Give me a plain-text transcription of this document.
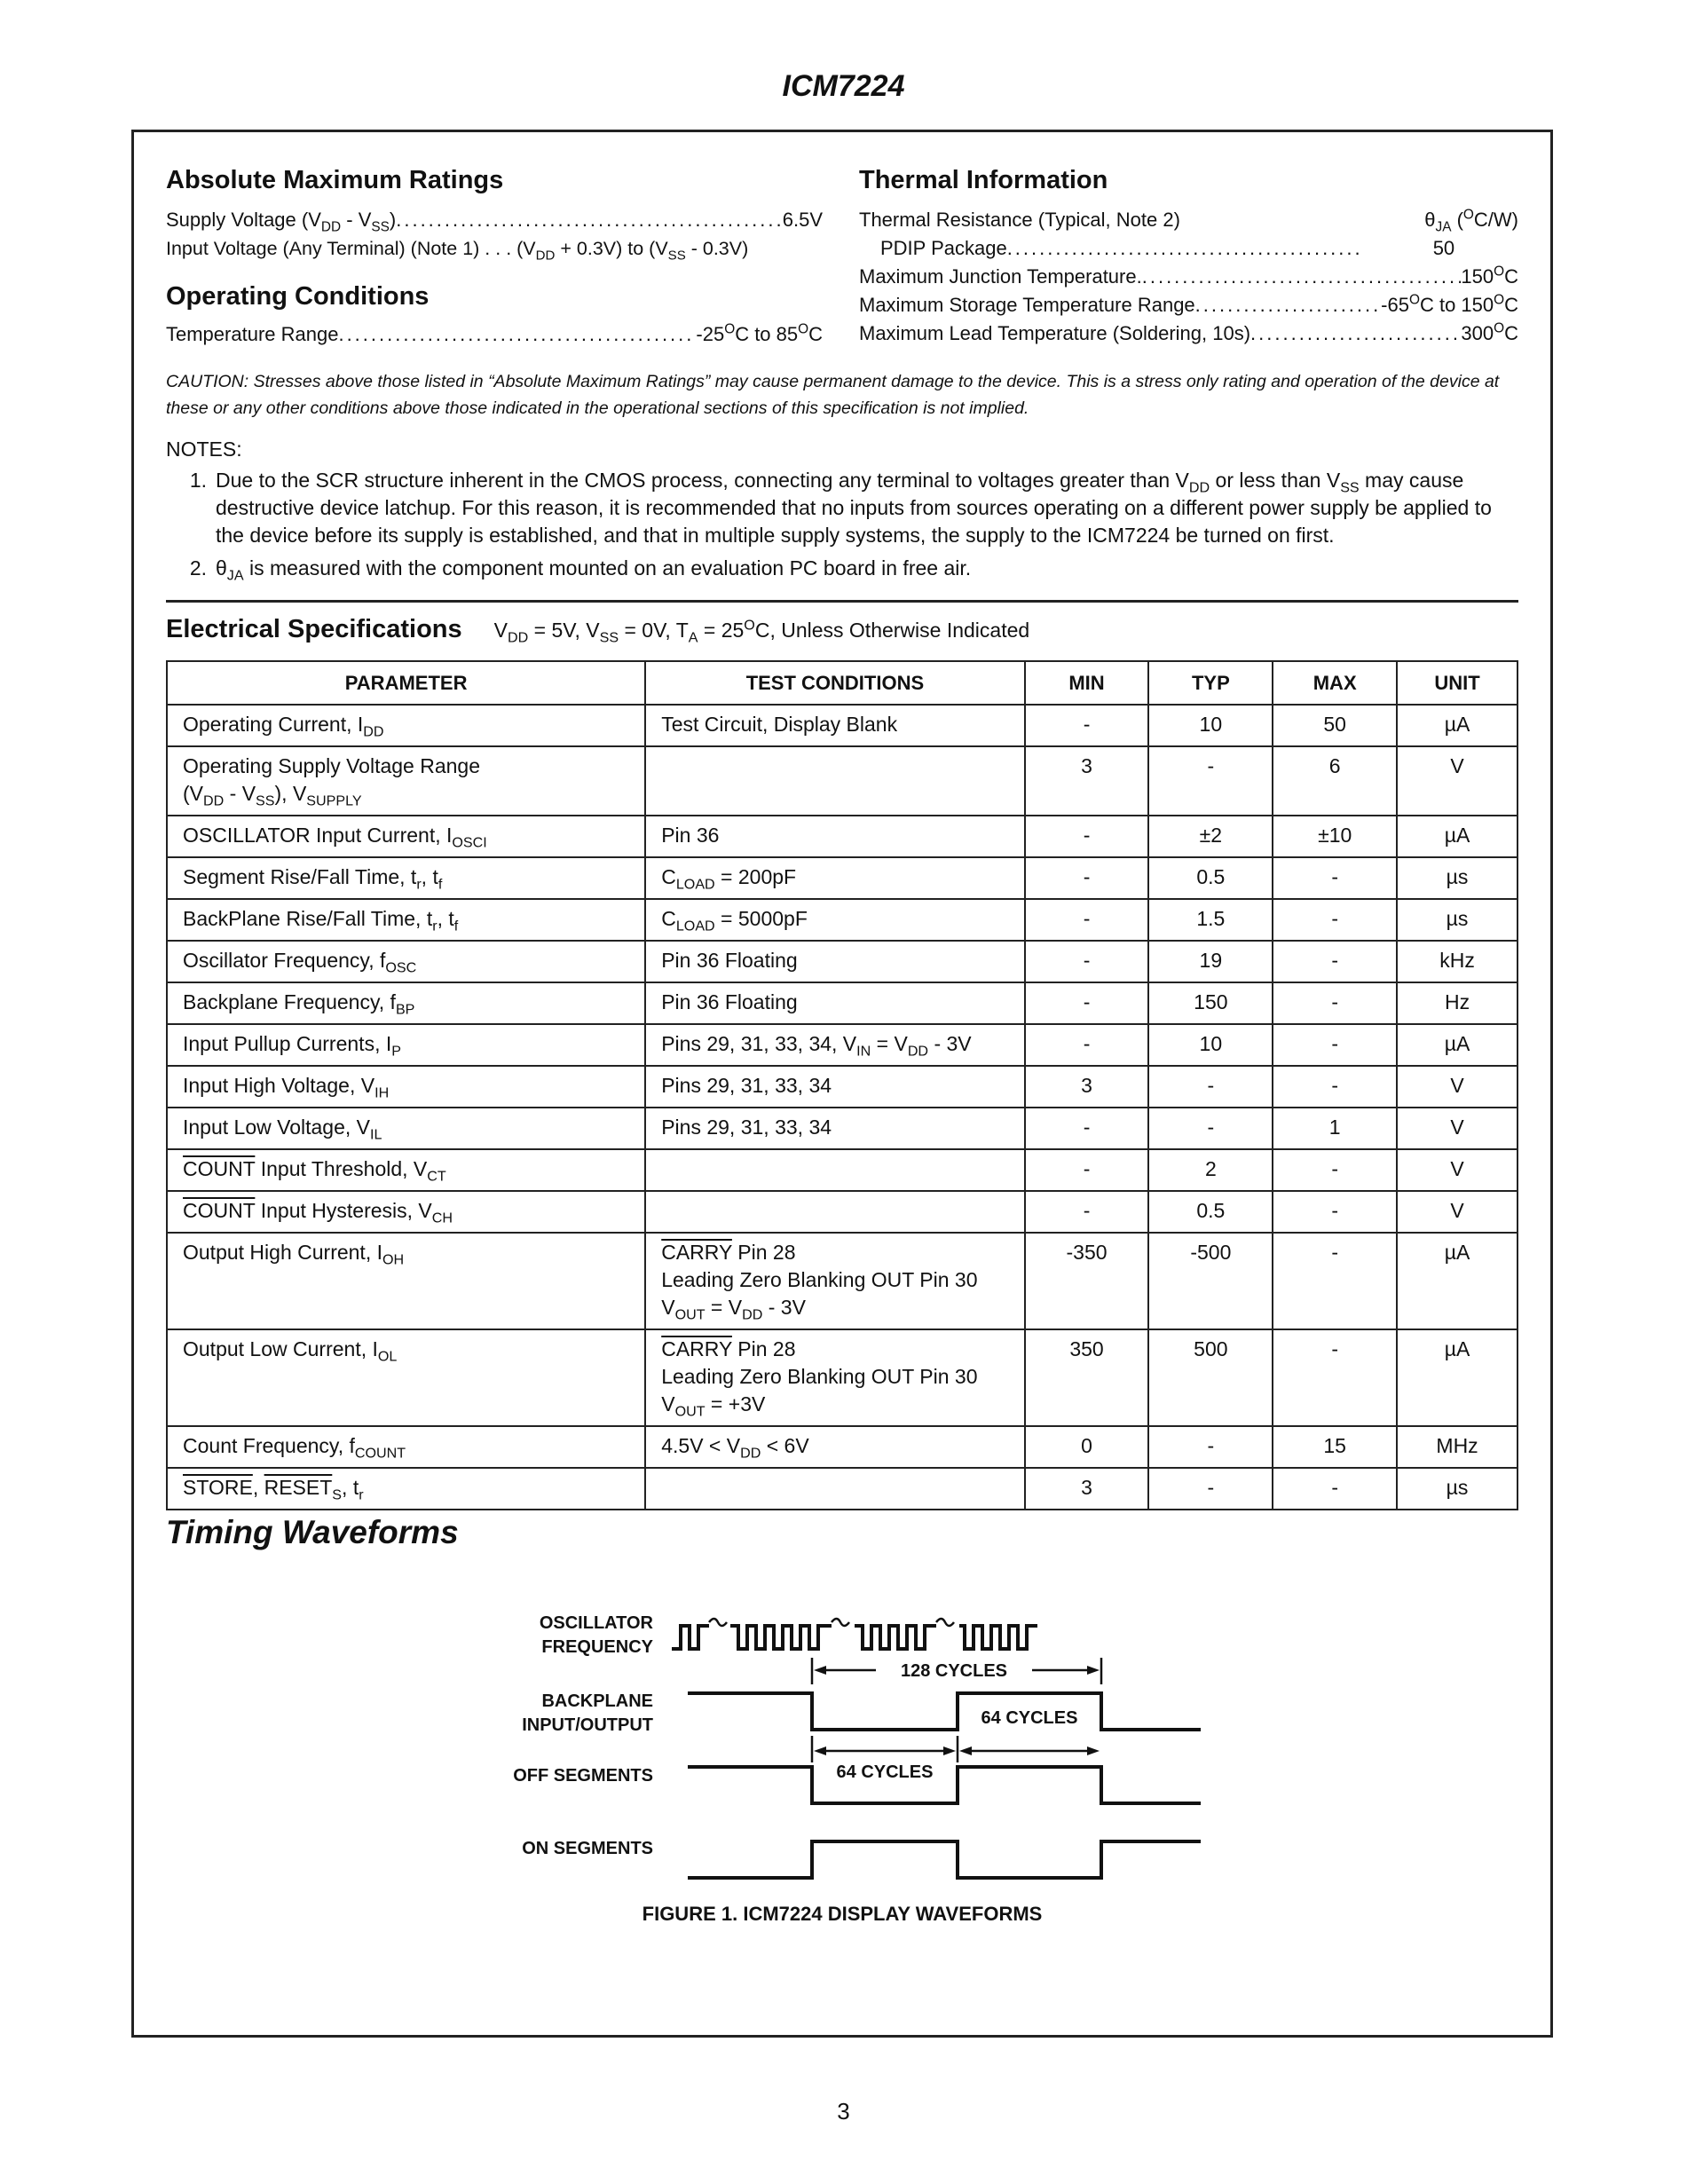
ICM7224
Absolute Maximum Ratings
Supply Voltage $(V_{DD} - V_{SS})$ .....	6.5V
Input Voltage (Any Terminal) (Note 1) . . . $(V_{DD} + 0.3V)$ to $(V_{SS} - 0.3V)$
Operating Conditions
Temperature Range .....	$-25^OC$ to $85^OC$
Thermal Information
Thermal Resistance (Typical, Note 2)	$\theta_{JA}$ ($^O$C/W)
PDIP Package .....	50
Maximum Junction Temperature. .....	$150^OC$
Maximum Storage Temperature Range .....	$-65^OC$ to $150^OC$
Maximum Lead Temperature (Soldering, 10s) .....	$300^OC$
CAUTION: Stresses above those listed in “Absolute Maximum Ratings” may cause permanent damage to the device. This is a stress only rating and operation of the device at these or any other conditions above those indicated in the operational sections of this specification is not implied.
NOTES:
1. Due to the SCR structure inherent in the CMOS process, connecting any terminal to voltages greater than $V_{DD}$ or less than $V_{SS}$ may cause destructive device latchup. For this reason, it is recommended that no inputs from sources operating on a different power supply be applied to the device before its supply is established, and that in multiple supply systems, the supply to the ICM7224 be turned on first.
2. $\theta_{JA}$ is measured with the component mounted on an evaluation PC board in free air.
Electrical Specifications $V_{DD} = 5V$, $V_{SS} = 0V$, $T_A = 25^OC$, Unless Otherwise Indicated
PARAMETER	TEST CONDITIONS	MIN	TYP	MAX	UNIT
Operating Current, $I_{DD}$	Test Circuit, Display Blank	-	10	50	µA
Operating Supply Voltage Range
$(V_{DD} - V_{SS})$, $V_{SUPPLY}$		3	-	6	V
OSCILLATOR Input Current, $I_{OSCI}$	Pin 36	-	±2	±10	µA
Segment Rise/Fall Time, $t_r$, $t_f$	$C_{LOAD} = 200pF$	-	0.5	-	µs
BackPlane Rise/Fall Time, $t_r$, $t_f$	$C_{LOAD} = 5000pF$	-	1.5	-	µs
Oscillator Frequency, $f_{OSC}$	Pin 36 Floating	-	19	-	kHz
Backplane Frequency, $f_{BP}$	Pin 36 Floating	-	150	-	Hz
Input Pullup Currents, $I_P$	Pins 29, 31, 33, 34, $V_{IN} = V_{DD} - 3V$	-	10	-	µA
Input High Voltage, $V_{IH}$	Pins 29, 31, 33, 34	3	-	-	V
Input Low Voltage, $V_{IL}$	Pins 29, 31, 33, 34	-	-	1	V
COUNT Input Threshold, $V_{CT}$		-	2	-	V
COUNT Input Hysteresis, $V_{CH}$		-	0.5	-	V
Output High Current, $I_{OH}$	CARRY Pin 28
Leading Zero Blanking OUT Pin 30
$V_{OUT} = V_{DD} - 3V$	-350	-500	-	µA
Output Low Current, $I_{OL}$	CARRY Pin 28
Leading Zero Blanking OUT Pin 30
$V_{OUT} = +3V$	350	500	-	µA
Count Frequency, $f_{COUNT}$	$4.5V < V_{DD} < 6V$	0	-	15	MHz
STORE, $RESET_S$, $t_r$		3	-	-	µs
Timing Waveforms
OSCILLATOR
FREQUENCY
BACKPLANE
INPUT/OUTPUT
OFF SEGMENTS
ON SEGMENTS
128 CYCLES
64 CYCLES
64 CYCLES
FIGURE 1. ICM7224 DISPLAY WAVEFORMS
3
